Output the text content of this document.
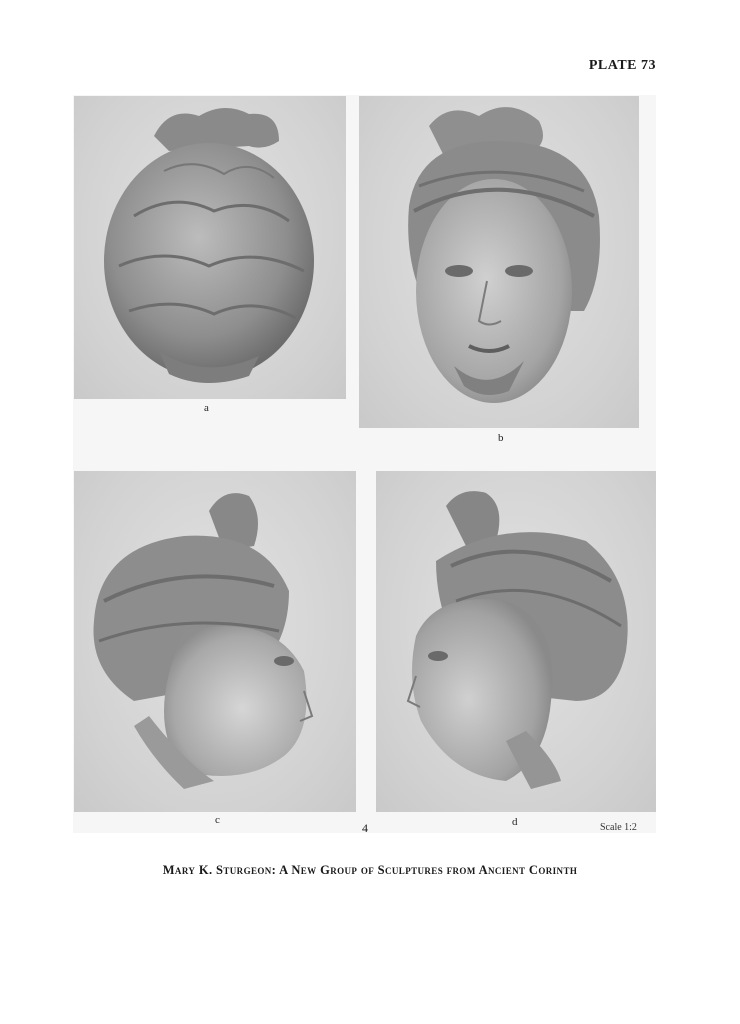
PLATE 73
a
b
c	d
4	Scale 1:2
Mary K. Sturgeon: A New Group of Sculptures from Ancient Corinth
